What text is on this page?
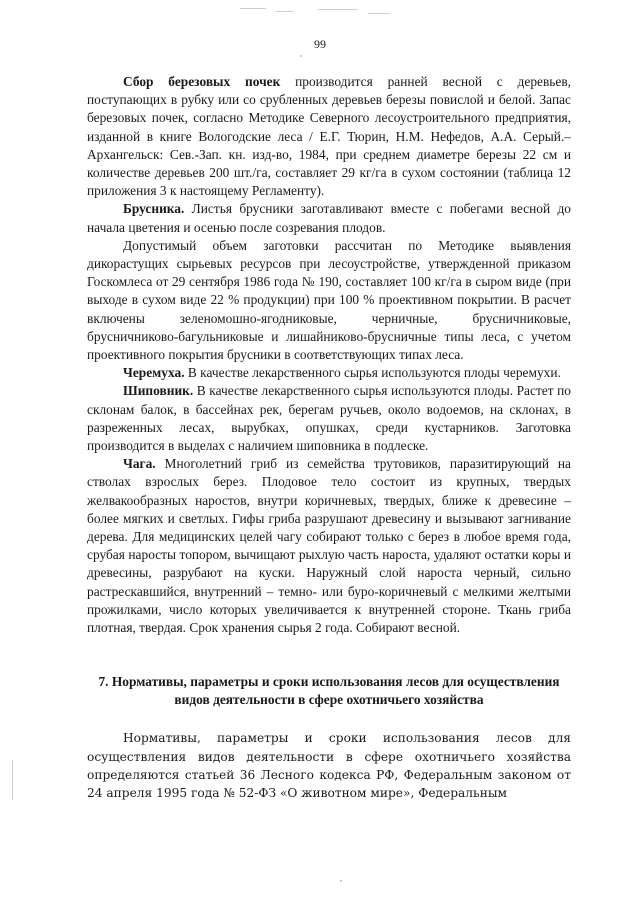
99

Сбор березовых почек производится ранней весной с деревьев, поступающих в рубку или со срубленных деревьев березы повислой и белой. Запас березовых почек, согласно Методике Северного лесоустроительного предприятия, изданной в книге Вологодские леса / Е.Г. Тюрин, Н.М. Нефедов, А.А. Серый.– Архангельск: Сев.-Зап. кн. изд-во, 1984, при среднем диаметре березы 22 см и количестве деревьев 200 шт./га, составляет 29 кг/га в сухом состоянии (таблица 12 приложения 3 к настоящему Регламенту).

Брусника. Листья брусники заготавливают вместе с побегами весной до начала цветения и осенью после созревания плодов.

Допустимый объем заготовки рассчитан по Методике выявления дикорастущих сырьевых ресурсов при лесоустройстве, утвержденной приказом Госкомлеса от 29 сентября 1986 года № 190, составляет 100 кг/га в сыром виде (при выходе в сухом виде 22 % продукции) при 100 % проективном покрытии. В расчет включены зеленомошно-ягодниковые, черничные, брусничниковые, брусничниково-багульниковые и лишайниково-брусничные типы леса, с учетом проективного покрытия брусники в соответствующих типах леса.

Черемуха. В качестве лекарственного сырья используются плоды черемухи.

Шиповник. В качестве лекарственного сырья используются плоды. Растет по склонам балок, в бассейнах рек, берегам ручьев, около водоемов, на склонах, в разреженных лесах, вырубках, опушках, среди кустарников. Заготовка производится в выделах с наличием шиповника в подлеске.

Чага. Многолетний гриб из семейства трутовиков, паразитирующий на стволах взрослых берез. Плодовое тело состоит из крупных, твердых желвакообразных наростов, внутри коричневых, твердых, ближе к древесине – более мягких и светлых. Гифы гриба разрушают древесину и вызывают загнивание дерева. Для медицинских целей чагу собирают только с берез в любое время года, срубая наросты топором, вычищают рыхлую часть нароста, удаляют остатки коры и древесины, разрубают на куски. Наружный слой нароста черный, сильно растрескавшийся, внутренний – темно- или буро-коричневый с мелкими желтыми прожилками, число которых увеличивается к внутренней стороне. Ткань гриба плотная, твердая. Срок хранения сырья 2 года. Собирают весной.

7. Нормативы, параметры и сроки использования лесов для осуществления видов деятельности в сфере охотничьего хозяйства

Нормативы, параметры и сроки использования лесов для осуществления видов деятельности в сфере охотничьего хозяйства определяются статьей 36 Лесного кодекса РФ, Федеральным законом от 24 апреля 1995 года № 52-ФЗ «О животном мире», Федеральным
